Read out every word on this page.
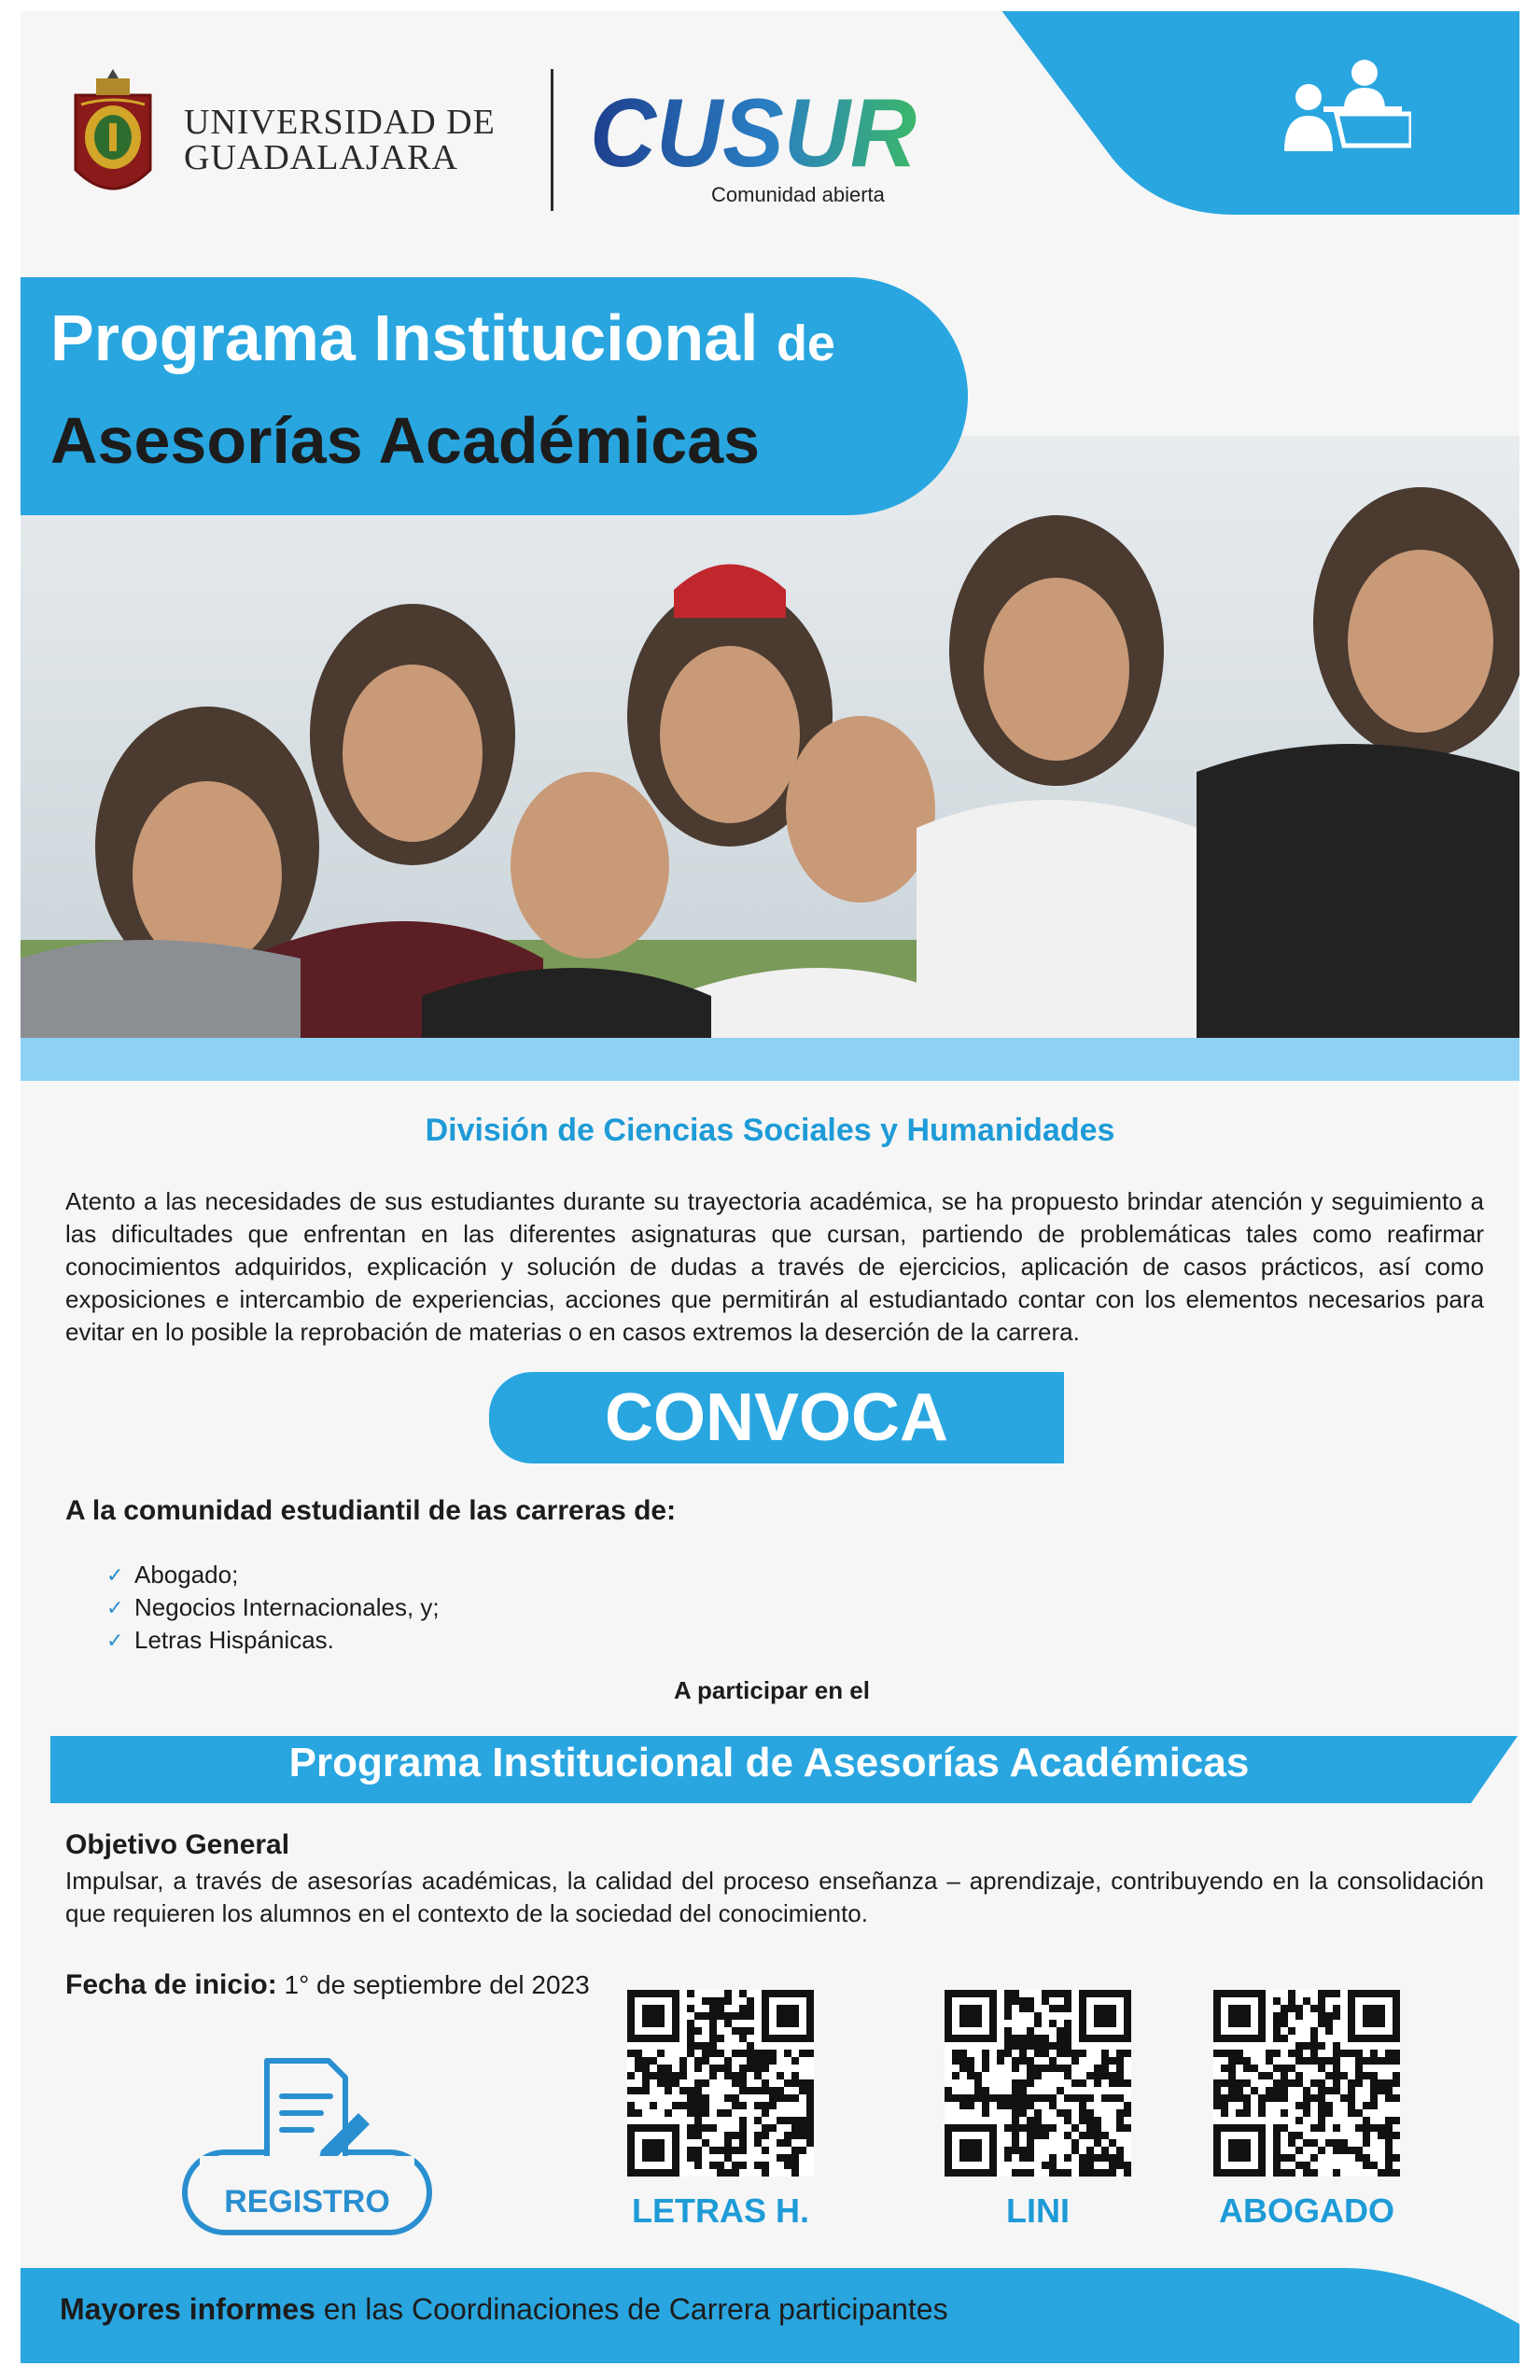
UNIVERSIDAD DE
GUADALAJARA	CUSUR
Comunidad abierta
Programa Institucional de
Asesorías Académicas
División de Ciencias Sociales y Humanidades
Atento a las necesidades de sus estudiantes durante su trayectoria académica, se ha propuesto brindar atención y seguimiento a las dificultades que enfrentan en las diferentes asignaturas que cursan, partiendo de problemáticas tales como reafirmar conocimientos adquiridos, explicación y solución de dudas a través de ejercicios, aplicación de casos prácticos, así como exposiciones e intercambio de experiencias, acciones que permitirán al estudiantado contar con los elementos necesarios para evitar en lo posible la reprobación de materias o en casos extremos la deserción de la carrera.
CONVOCA
A la comunidad estudiantil de las carreras de:
✓ Abogado;
✓ Negocios Internacionales, y;
✓ Letras Hispánicas.
A participar en el
Programa Institucional de Asesorías Académicas
Objetivo General
Impulsar, a través de asesorías académicas, la calidad del proceso enseñanza – aprendizaje, contribuyendo en la consolidación que requieren los alumnos en el contexto de la sociedad del conocimiento.
Fecha de inicio: 1° de septiembre del 2023
REGISTRO	LETRAS H.	LINI	ABOGADO
Mayores informes en las Coordinaciones de Carrera participantes
